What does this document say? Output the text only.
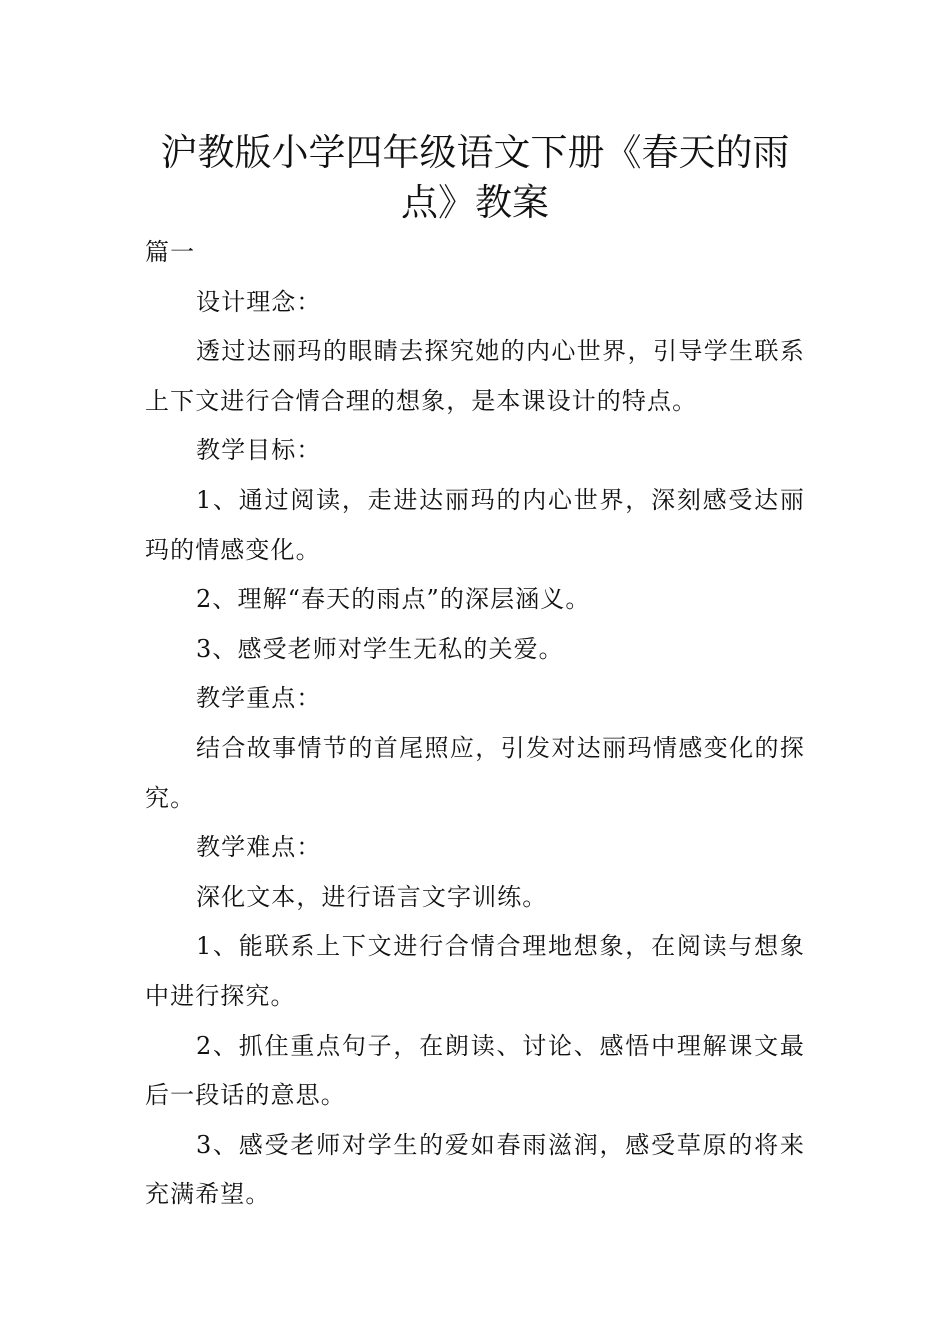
沪教版小学四年级语文下册《春天的雨
点》教案

篇一

设计理念：

透过达丽玛的眼睛去探究她的内心世界，引导学生联系上下文进行合情合理的想象，是本课设计的特点。

教学目标：

1、通过阅读，走进达丽玛的内心世界，深刻感受达丽玛的情感变化。

2、理解“春天的雨点”的深层涵义。

3、感受老师对学生无私的关爱。

教学重点：

结合故事情节的首尾照应，引发对达丽玛情感变化的探究。

教学难点：

深化文本，进行语言文字训练。

1、能联系上下文进行合情合理地想象，在阅读与想象中进行探究。

2、抓住重点句子，在朗读、讨论、感悟中理解课文最后一段话的意思。

3、感受老师对学生的爱如春雨滋润，感受草原的将来充满希望。
